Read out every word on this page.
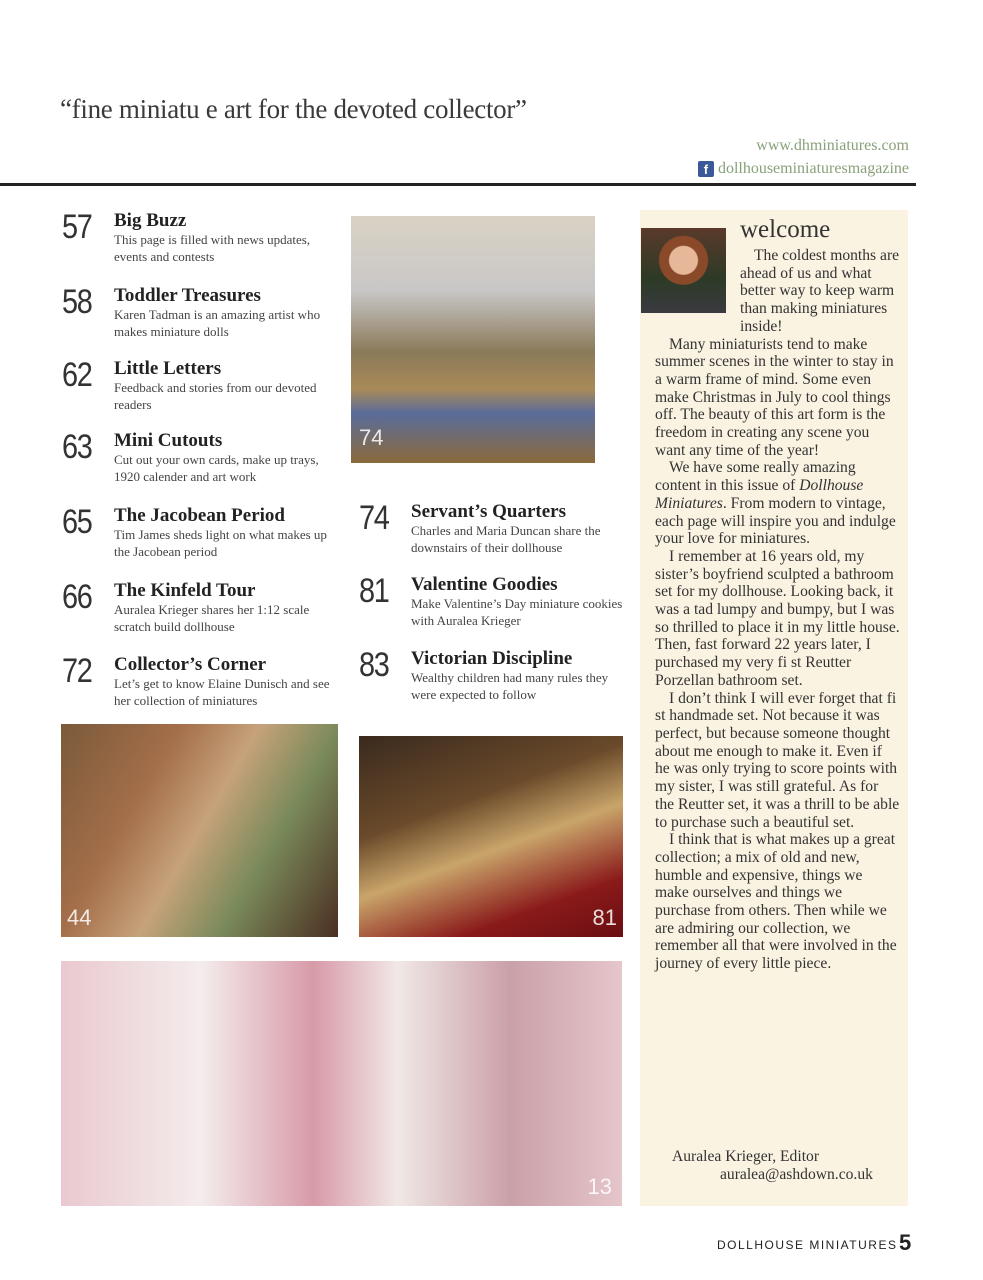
“fine miniatu e art for the devoted collector”
www.dhminiatures.com
f dollhouseminiaturesmagazine
57	Big Buzz
This page is filled with news updates, events and contests
58	Toddler Treasures
Karen Tadman is an amazing artist who makes miniature dolls
62	Little Letters
Feedback and stories from our devoted readers
63	Mini Cutouts
Cut out your own cards, make up trays, 1920 calender and art work
65	The Jacobean Period
Tim James sheds light on what makes up the Jacobean period
66	The Kinfeld Tour
Auralea Krieger shares her 1:12 scale scratch build dollhouse
72	Collector’s Corner
Let’s get to know Elaine Dunisch and see her collection of miniatures
74	Servant’s Quarters
Charles and Maria Duncan share the downstairs of their dollhouse
81	Valentine Goodies
Make Valentine’s Day miniature cookies with Auralea Krieger
83	Victorian Discipline
Wealthy children had many rules they were expected to follow
74
44	81
13
welcome

The coldest months are ahead of us and what better way to keep warm than making miniatures inside!

Many miniaturists tend to make summer scenes in the winter to stay in a warm frame of mind. Some even make Christmas in July to cool things off. The beauty of this art form is the freedom in creating any scene you want any time of the year!

We have some really amazing content in this issue of Dollhouse Miniatures. From modern to vintage, each page will inspire you and indulge your love for miniatures.

I remember at 16 years old, my sister’s boyfriend sculpted a bathroom set for my dollhouse. Looking back, it was a tad lumpy and bumpy, but I was so thrilled to place it in my little house. Then, fast forward 22 years later, I purchased my very fi st Reutter Porzellan bathroom set.

I don’t think I will ever forget that fi st handmade set. Not because it was perfect, but because someone thought about me enough to make it. Even if he was only trying to score points with my sister, I was still grateful. As for the Reutter set, it was a thrill to be able to purchase such a beautiful set.

I think that is what makes up a great collection; a mix of old and new, humble and expensive, things we make ourselves and things we purchase from others. Then while we are admiring our collection, we remember all that were involved in the journey of every little piece.

Auralea Krieger, Editor
auralea@ashdown.co.uk
DOLLHOUSE MINIATURES 5
